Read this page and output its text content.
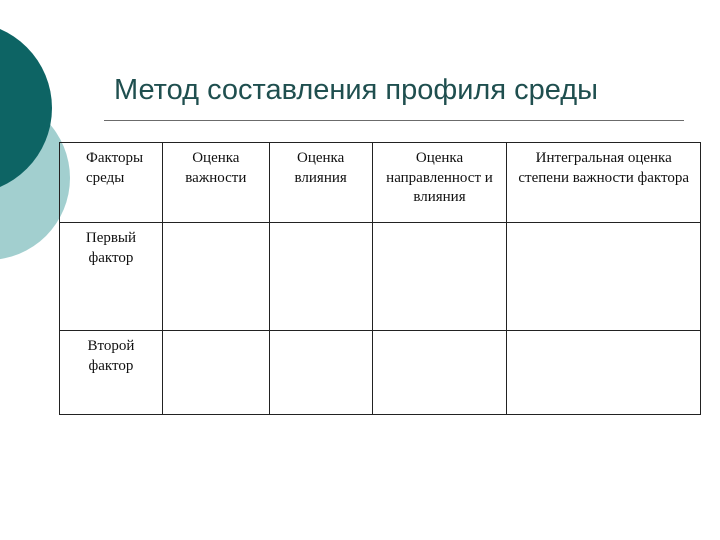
Метод составления профиля среды
Факторы среды	Оценка важности	Оценка влияния	Оценка направленност и влияния	Интегральная оценка степени важности фактора
Первый фактор				
Второй фактор				
